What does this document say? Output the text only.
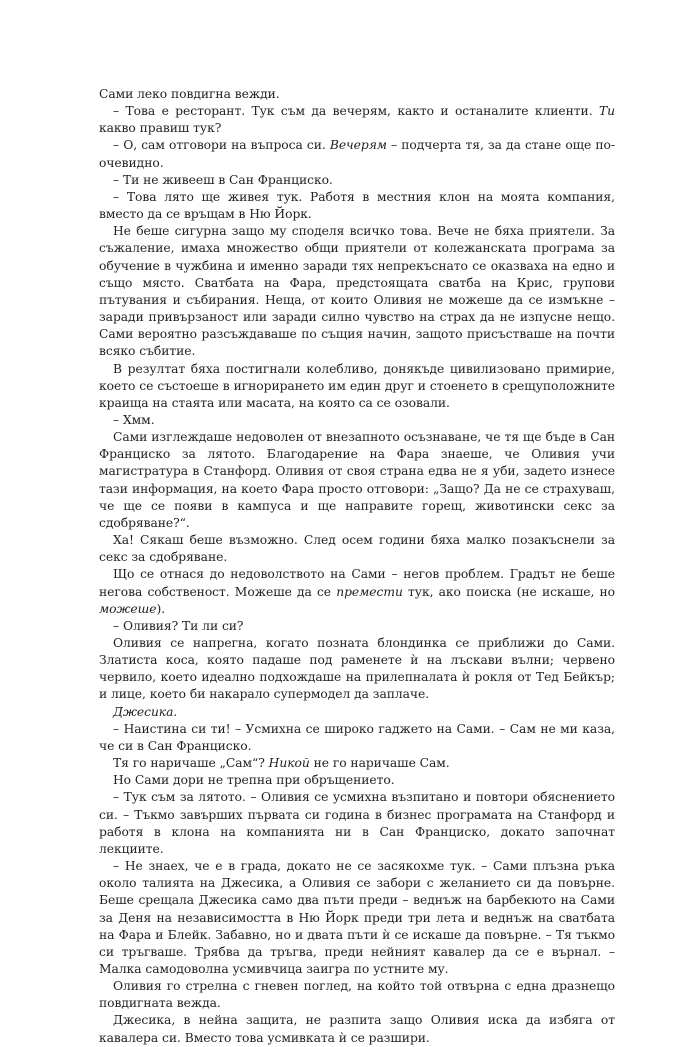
Сами леко повдигна вежди.

– Това е ресторант. Тук съм да вечерям, както и останалите клиенти. Ти какво правиш тук?

– О, сам отговори на въпроса си. Вечерям – подчерта тя, за да стане още по-очевидно.

– Ти не живееш в Сан Франциско.

– Това лято ще живея тук. Работя в местния клон на моята компания, вместо да се връщам в Ню Йорк.

Не беше сигурна защо му споделя всичко това. Вече не бяха приятели. За съжаление, имаха множество общи приятели от колежанската програма за обучение в чужбина и именно заради тях непрекъснато се оказваха на едно и също място. Сватбата на Фара, предстоящата сватба на Крис, групови пътувания и събирания. Неща, от които Оливия не можеше да се измъкне – заради привързаност или заради силно чувство на страх да не изпусне нещо. Сами вероятно разсъждаваше по същия начин, защото присъстваше на почти всяко събитие.

В резултат бяха постигнали колебливо, донякъде цивилизовано примирие, което се състоеше в игнорирането им един друг и стоенето в срещуположните краища на стаята или масата, на която са се озовали.

– Хмм.

Сами изглеждаше недоволен от внезапното осъзнаване, че тя ще бъде в Сан Франциско за лятото. Благодарение на Фара знаеше, че Оливия учи магистратура в Станфорд. Оливия от своя страна едва не я уби, задето изнесе тази информация, на което Фара просто отговори: „Защо? Да не се страхуваш, че ще се появи в кампуса и ще направите горещ, животински секс за сдобряване?“.

Ха! Сякаш беше възможно. След осем години бяха малко позакъснели за секс за сдобряване.

Що се отнася до недоволството на Сами – негов проблем. Градът не беше негова собственост. Можеше да се премести тук, ако поиска (не искаше, но можеше).

– Оливия? Ти ли си?

Оливия се напрегна, когато позната блондинка се приближи до Сами. Златиста коса, която падаше под раменете ѝ на лъскави вълни; червено червило, което идеално подхождаше на прилепналата ѝ рокля от Тед Бейкър; и лице, което би накарало супермодел да заплаче.

Джесика.

– Наистина си ти! – Усмихна се широко гаджето на Сами. – Сам не ми каза, че си в Сан Франциско.

Тя го наричаше „Сам“? Никой не го наричаше Сам.

Но Сами дори не трепна при обръщението.

– Тук съм за лятото. – Оливия се усмихна възпитано и повтори обяснението си. – Тъкмо завърших първата си година в бизнес програмата на Станфорд и работя в клона на компанията ни в Сан Франциско, докато започнат лекциите.

– Не знаех, че е в града, докато не се засякохме тук. – Сами плъзна ръка около талията на Джесика, а Оливия се забори с желанието си да повърне. Беше срещала Джесика само два пъти преди – веднъж на барбекюто на Сами за Деня на независимостта в Ню Йорк преди три лета и веднъж на сватбата на Фара и Блейк. Забавно, но и двата пъти ѝ се искаше да повърне. – Тя тъкмо си тръгваше. Трябва да тръгва, преди нейният кавалер да се е върнал. – Малка самодоволна усмивчица заигра по устните му.

Оливия го стрелна с гневен поглед, на който той отвърна с една дразнещо повдигната вежда.

Джесика, в нейна защита, не разпита защо Оливия иска да избяга от кавалера си. Вместо това усмивката ѝ се разшири.
